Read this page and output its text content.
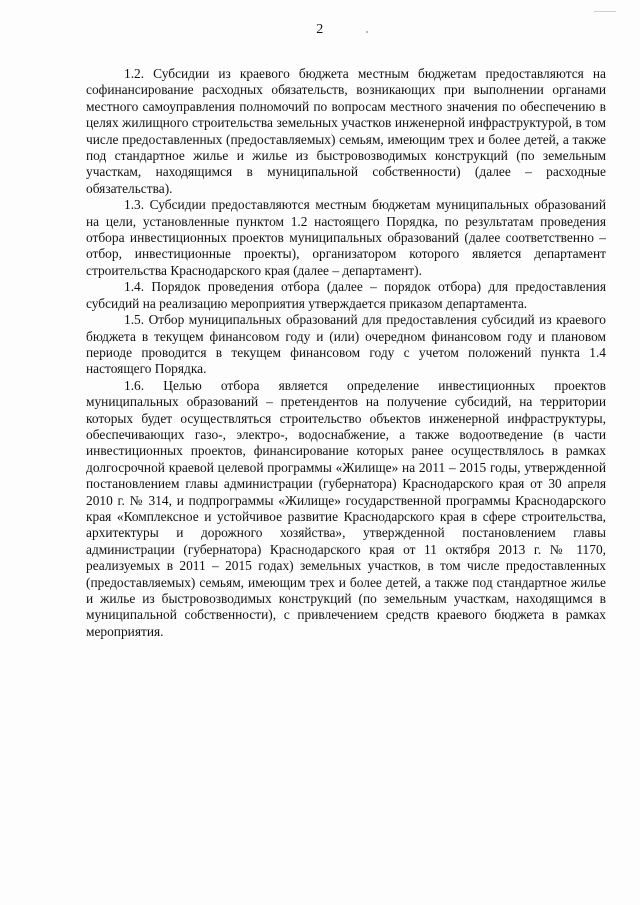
2

1.2. Субсидии из краевого бюджета местным бюджетам предоставляются на софинансирование расходных обязательств, возникающих при выполнении органами местного самоуправления полномочий по вопросам местного значения по обеспечению в целях жилищного строительства земельных участков инженерной инфраструктурой, в том числе предоставленных (предоставляемых) семьям, имеющим трех и более детей, а также под стандартное жилье и жилье из быстровозводимых конструкций (по земельным участкам, находящимся в муниципальной собственности) (далее – расходные обязательства).

1.3. Субсидии предоставляются местным бюджетам муниципальных образований на цели, установленные пунктом 1.2 настоящего Порядка, по результатам проведения отбора инвестиционных проектов муниципальных образований (далее соответственно – отбор, инвестиционные проекты), организатором которого является департамент строительства Краснодарского края (далее – департамент).

1.4. Порядок проведения отбора (далее – порядок отбора) для предоставления субсидий на реализацию мероприятия утверждается приказом департамента.

1.5. Отбор муниципальных образований для предоставления субсидий из краевого бюджета в текущем финансовом году и (или) очередном финансовом году и плановом периоде проводится в текущем финансовом году с учетом положений пункта 1.4 настоящего Порядка.

1.6. Целью отбора является определение инвестиционных проектов муниципальных образований – претендентов на получение субсидий, на территории которых будет осуществляться строительство объектов инженерной инфраструктуры, обеспечивающих газо-, электро-, водоснабжение, а также водоотведение (в части инвестиционных проектов, финансирование которых ранее осуществлялось в рамках долгосрочной краевой целевой программы «Жилище» на 2011 – 2015 годы, утвержденной постановлением главы администрации (губернатора) Краснодарского края от 30 апреля 2010 г. № 314, и подпрограммы «Жилище» государственной программы Краснодарского края «Комплексное и устойчивое развитие Краснодарского края в сфере строительства, архитектуры и дорожного хозяйства», утвержденной постановлением главы администрации (губернатора) Краснодарского края от 11 октября 2013 г. № 1170, реализуемых в 2011 – 2015 годах) земельных участков, в том числе предоставленных (предоставляемых) семьям, имеющим трех и более детей, а также под стандартное жилье и жилье из быстровозводимых конструкций (по земельным участкам, находящимся в муниципальной собственности), с привлечением средств краевого бюджета в рамках мероприятия.
